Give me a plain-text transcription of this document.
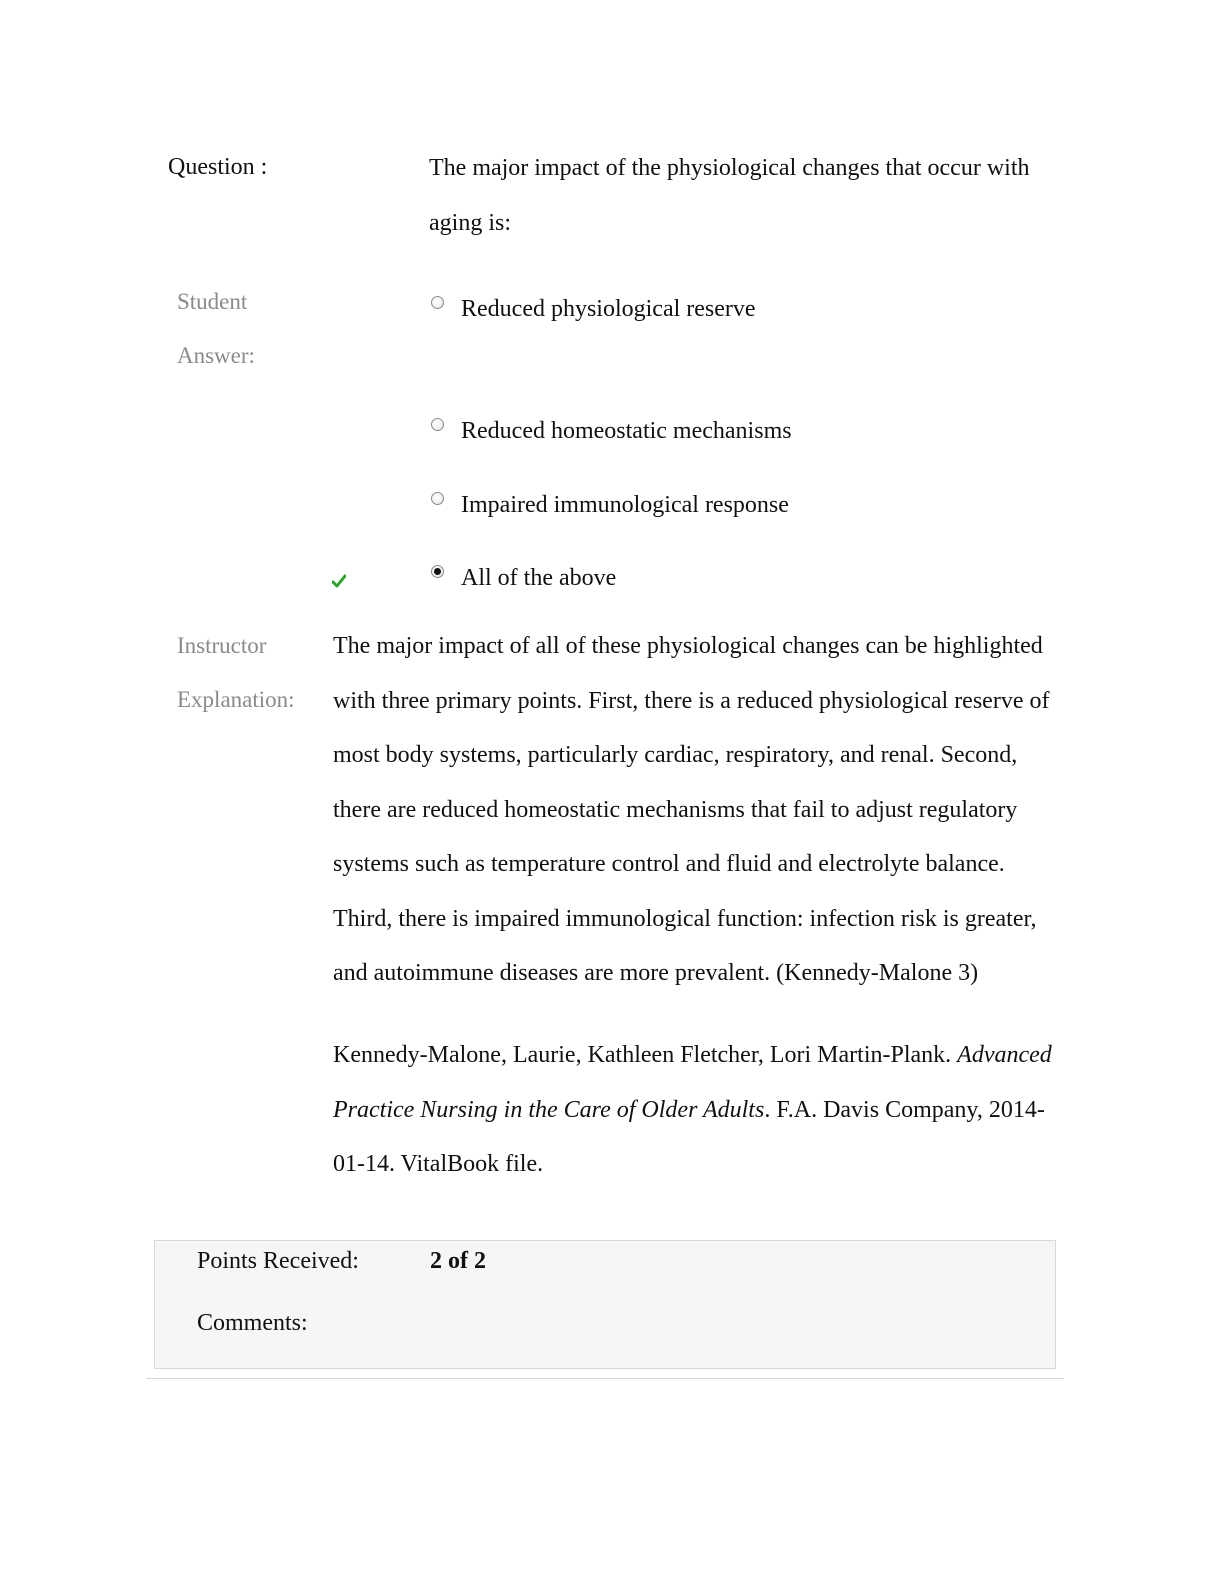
Question :	The major impact of the physiological changes that occur with aging is:
Student
Answer:
Reduced physiological reserve
Reduced homeostatic mechanisms
Impaired immunological response
All of the above
Instructor
Explanation:
The major impact of all of these physiological changes can be highlighted with three primary points. First, there is a reduced physiological reserve of most body systems, particularly cardiac, respiratory, and renal. Second, there are reduced homeostatic mechanisms that fail to adjust regulatory systems such as temperature control and fluid and electrolyte balance. Third, there is impaired immunological function: infection risk is greater, and autoimmune diseases are more prevalent. (Kennedy-Malone 3)
Kennedy-Malone, Laurie, Kathleen Fletcher, Lori Martin-Plank. Advanced Practice Nursing in the Care of Older Adults. F.A. Davis Company, 2014-01-14. VitalBook file.
Points Received:	2 of 2
Comments:
